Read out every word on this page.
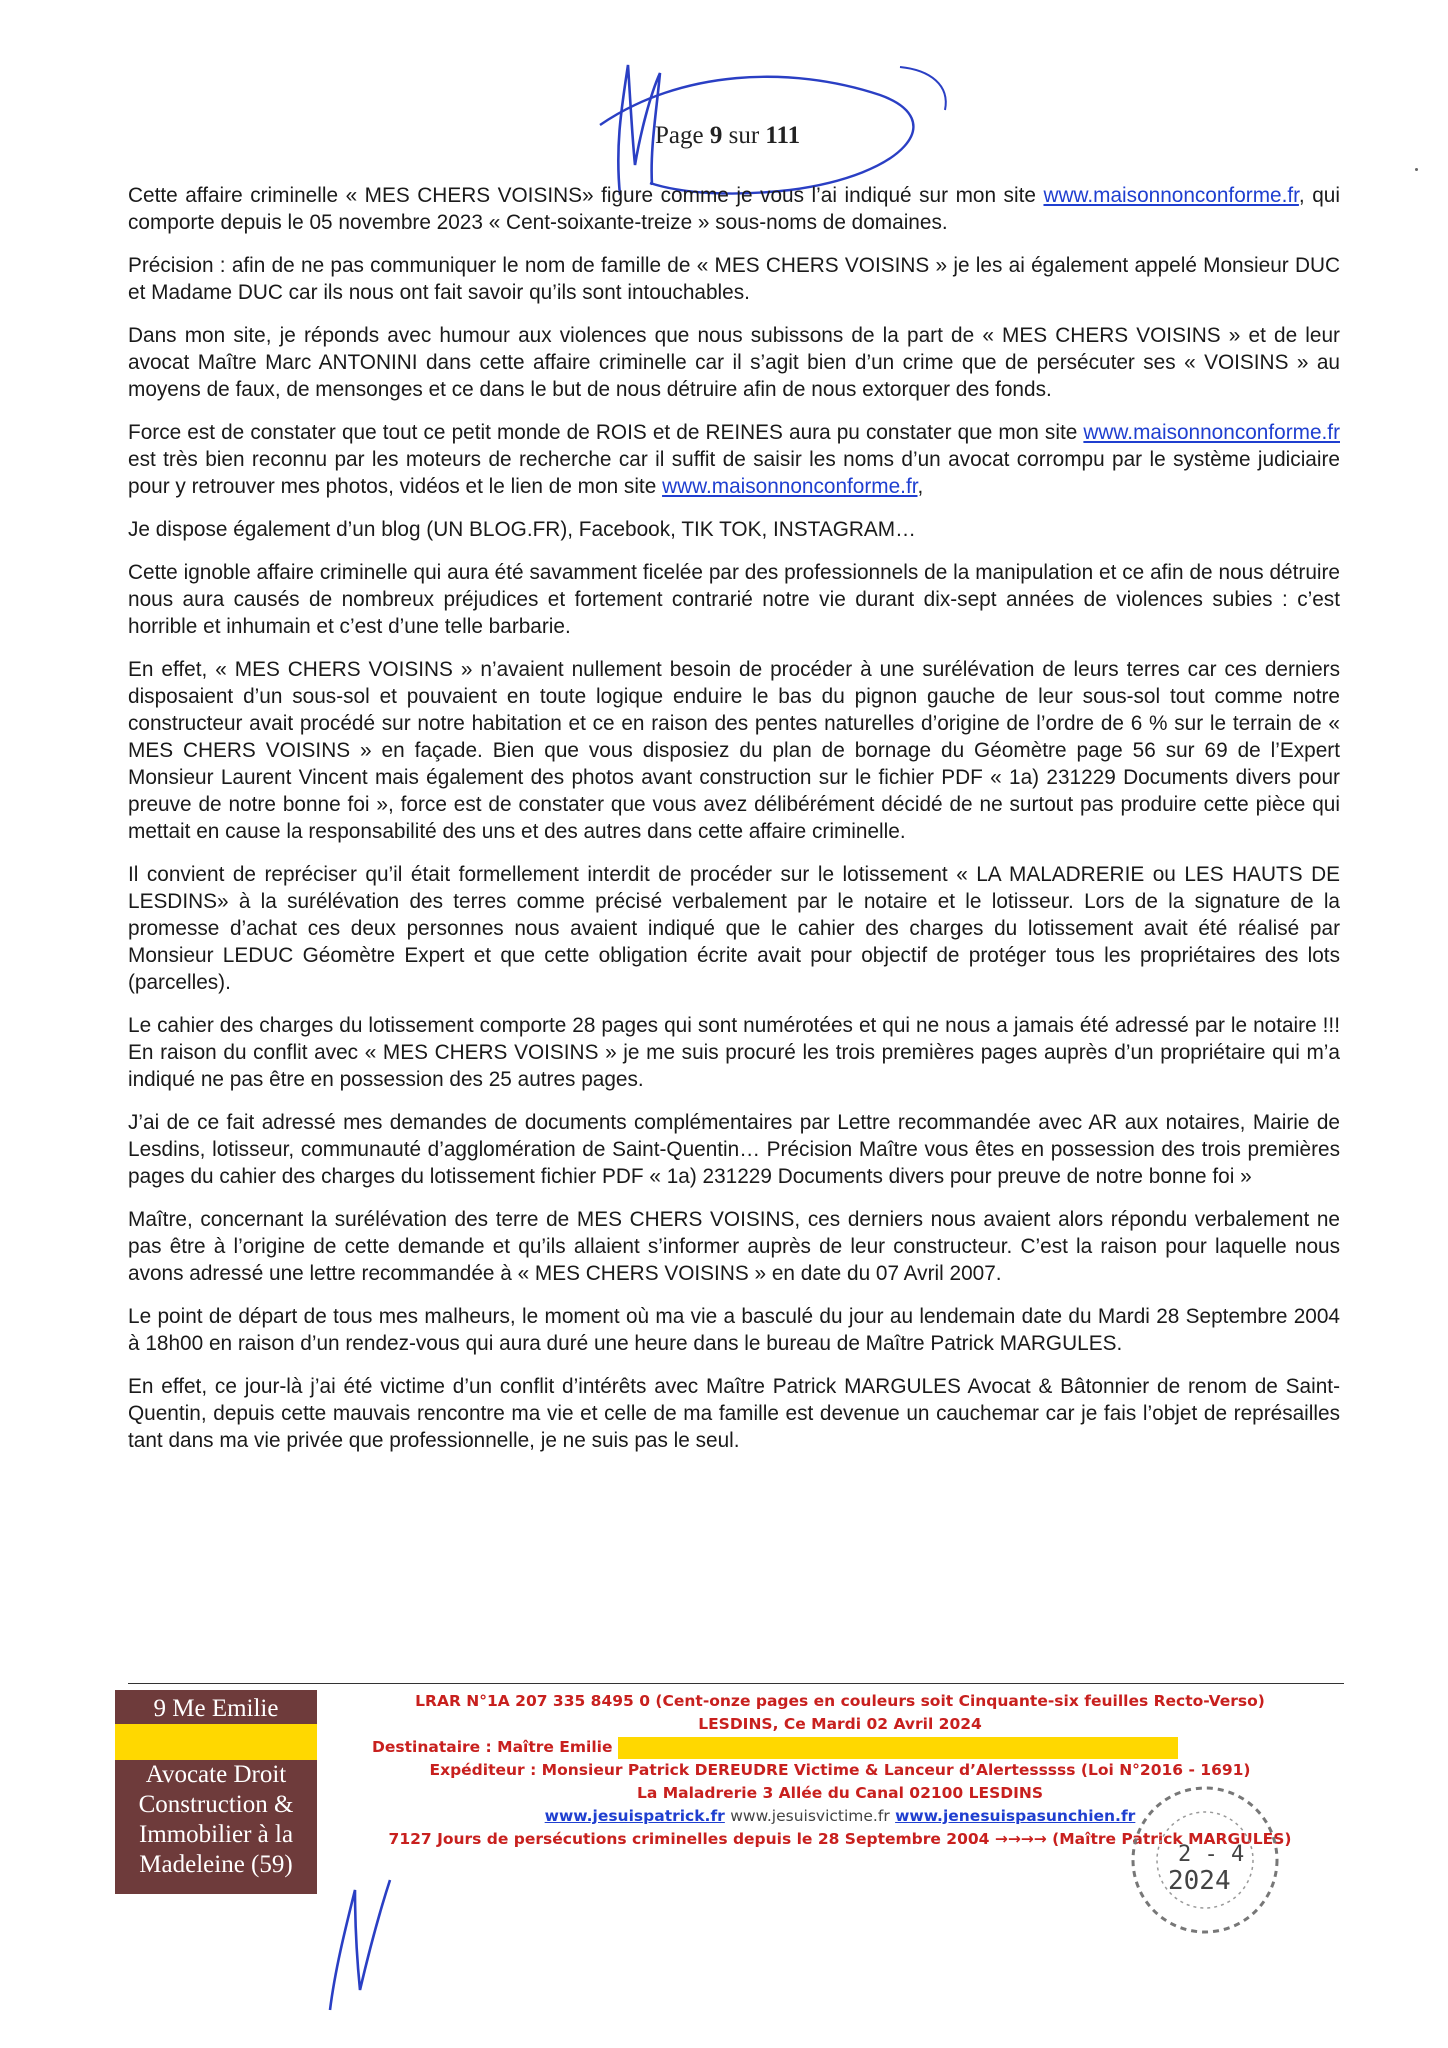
Page 9 sur 111

Cette affaire criminelle « MES CHERS VOISINS» figure comme je vous l’ai indiqué sur mon site www.maisonnonconforme.fr, qui comporte depuis le 05 novembre 2023 « Cent-soixante-treize » sous-noms de domaines.

Précision : afin de ne pas communiquer le nom de famille de « MES CHERS VOISINS » je les ai également appelé Monsieur DUC et Madame DUC car ils nous ont fait savoir qu’ils sont intouchables.

Dans mon site, je réponds avec humour aux violences que nous subissons de la part de « MES CHERS VOISINS » et de leur avocat Maître Marc ANTONINI dans cette affaire criminelle car il s’agit bien d’un crime que de persécuter ses « VOISINS » au moyens de faux, de mensonges et ce dans le but de nous détruire afin de nous extorquer des fonds.

Force est de constater que tout ce petit monde de ROIS et de REINES aura pu constater que mon site www.maisonnonconforme.fr est très bien reconnu par les moteurs de recherche car il suffit de saisir les noms d’un avocat corrompu par le système judiciaire pour y retrouver mes photos, vidéos et le lien de mon site www.maisonnonconforme.fr,

Je dispose également d’un blog (UN BLOG.FR), Facebook, TIK TOK, INSTAGRAM…

Cette ignoble affaire criminelle qui aura été savamment ficelée par des professionnels de la manipulation et ce afin de nous détruire nous aura causés de nombreux préjudices et fortement contrarié notre vie durant dix-sept années de violences subies : c’est horrible et inhumain et c’est d’une telle barbarie.

En effet, « MES CHERS VOISINS » n’avaient nullement besoin de procéder à une surélévation de leurs terres car ces derniers disposaient d’un sous-sol et pouvaient en toute logique enduire le bas du pignon gauche de leur sous-sol tout comme notre constructeur avait procédé sur notre habitation et ce en raison des pentes naturelles d’origine de l’ordre de 6 % sur le terrain de « MES CHERS VOISINS » en façade. Bien que vous disposiez du plan de bornage du Géomètre page 56 sur 69 de l’Expert Monsieur Laurent Vincent mais également des photos avant construction sur le fichier PDF « 1a) 231229 Documents divers pour preuve de notre bonne foi », force est de constater que vous avez délibérément décidé de ne surtout pas produire cette pièce qui mettait en cause la responsabilité des uns et des autres dans cette affaire criminelle.

Il convient de repréciser qu’il était formellement interdit de procéder sur le lotissement « LA MALADRERIE ou LES HAUTS DE LESDINS» à la surélévation des terres comme précisé verbalement par le notaire et le lotisseur. Lors de la signature de la promesse d’achat ces deux personnes nous avaient indiqué que le cahier des charges du lotissement avait été réalisé par Monsieur LEDUC Géomètre Expert et que cette obligation écrite avait pour objectif de protéger tous les propriétaires des lots (parcelles).

Le cahier des charges du lotissement comporte 28 pages qui sont numérotées et qui ne nous a jamais été adressé par le notaire !!! En raison du conflit avec « MES CHERS VOISINS » je me suis procuré les trois premières pages auprès d’un propriétaire qui m’a indiqué ne pas être en possession des 25 autres pages.

J’ai de ce fait adressé mes demandes de documents complémentaires par Lettre recommandée avec AR aux notaires, Mairie de Lesdins, lotisseur, communauté d’agglomération de Saint-Quentin… Précision Maître vous êtes en possession des trois premières pages du cahier des charges du lotissement fichier PDF « 1a) 231229 Documents divers pour preuve de notre bonne foi »

Maître, concernant la surélévation des terre de MES CHERS VOISINS, ces derniers nous avaient alors répondu verbalement ne pas être à l’origine de cette demande et qu’ils allaient s’informer auprès de leur constructeur. C’est la raison pour laquelle nous avons adressé une lettre recommandée à « MES CHERS VOISINS » en date du 07 Avril 2007.

Le point de départ de tous mes malheurs, le moment où ma vie a basculé du jour au lendemain date du Mardi 28 Septembre 2004 à 18h00 en raison d’un rendez-vous qui aura duré une heure dans le bureau de Maître Patrick MARGULES.

En effet, ce jour-là j’ai été victime d’un conflit d’intérêts avec Maître Patrick MARGULES Avocat & Bâtonnier de renom de Saint-Quentin, depuis cette mauvais rencontre ma vie et celle de ma famille est devenue un cauchemar car je fais l’objet de représailles tant dans ma vie privée que professionnelle, je ne suis pas le seul.

9 Me Emilie
Avocate Droit
Construction &
Immobilier à la
Madeleine (59)
LRAR N°1A 207 335 8495 0 (Cent-onze pages en couleurs soit Cinquante-six feuilles Recto-Verso)
LESDINS, Ce Mardi 02 Avril 2024
Destinataire : Maître Emilie
Expéditeur : Monsieur Patrick DEREUDRE Victime & Lanceur d’Alertesssss (Loi N°2016 - 1691)
La Maladrerie 3 Allée du Canal 02100 LESDINS
www.jesuispatrick.fr www.jesuisvictime.fr www.jenesuispasunchien.fr
7127 Jours de persécutions criminelles depuis le 28 Septembre 2004 →→→→ (Maître Patrick MARGULES)
2 - 4
2024
